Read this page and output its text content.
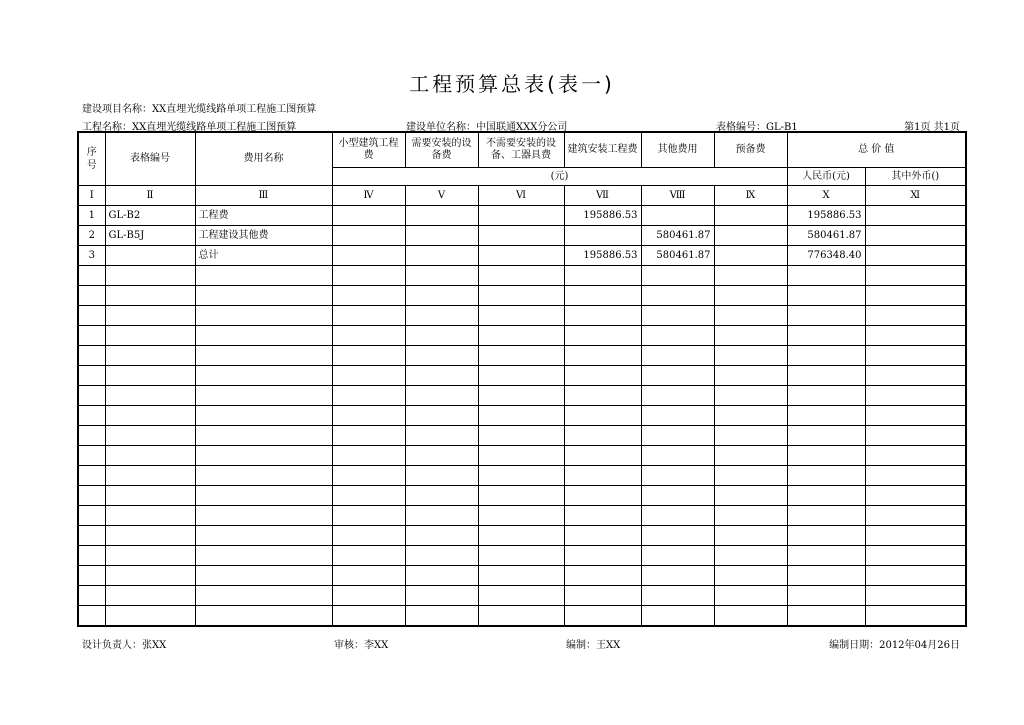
工程预算总表(表一)
建设项目名称：XX直埋光缆线路单项工程施工图预算
工程名称：XX直埋光缆线路单项工程施工图预算	建设单位名称：中国联通XXX分公司	表格编号：GL-B1	第1页 共1页
序号	表格编号	费用名称	小型建筑工程费	需要安装的设备费	不需要安装的设备、工器具费	建筑安装工程费	其他费用	预备费	总 价 值	
			(元)						人民币(元)	其中外币()
Ⅰ	Ⅱ	Ⅲ	Ⅳ	Ⅴ	Ⅵ	Ⅶ	Ⅷ	Ⅸ	Ⅹ	Ⅺ
1	GL-B2	工程费				195886.53			195886.53	
2	GL-B5J	工程建设其他费					580461.87		580461.87	
3		总计				195886.53	580461.87		776348.40	

设计负责人：张XX	审核：李XX	编制：王XX	编制日期：2012年04月26日
